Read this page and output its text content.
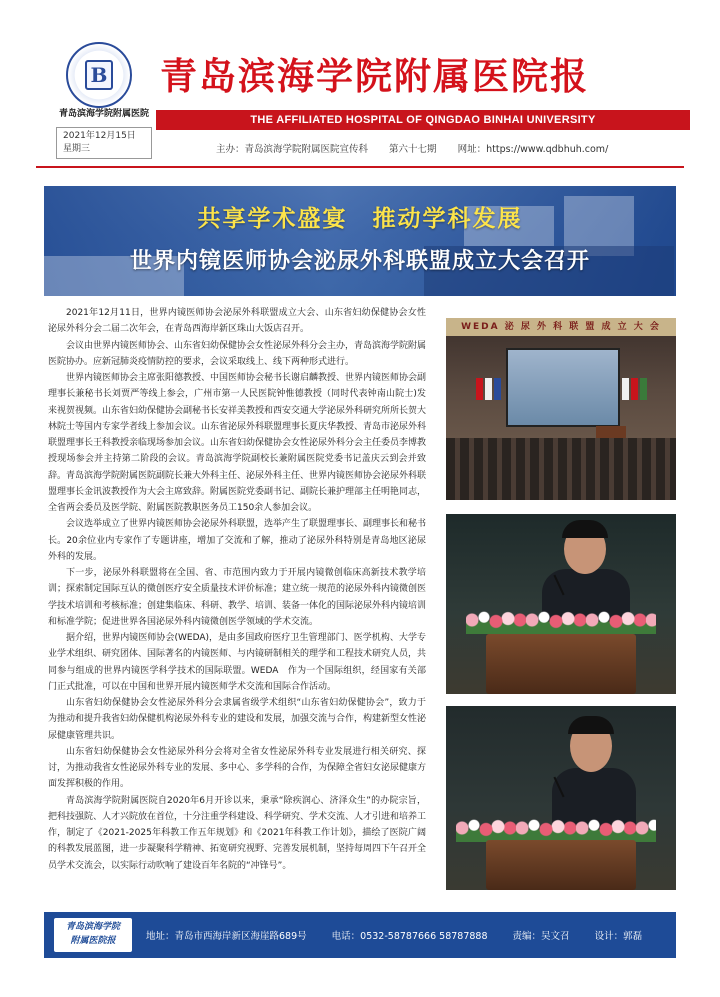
B
青岛滨海学院附属医院
2021年12月15日
星期三
青岛滨海学院附属医院报
THE AFFILIATED HOSPITAL OF QINGDAO BINHAI UNIVERSITY
主办：青岛滨海学院附属医院宣传科 第六十七期 网址：https://www.qdbhuh.com/
共享学术盛宴　推动学科发展
世界内镜医师协会泌尿外科联盟成立大会召开

2021年12月11日，世界内镜医师协会泌尿外科联盟成立大会、山东省妇幼保健协会女性泌尿外科分会二届二次年会，在青岛西海岸新区珠山大饭店召开。

会议由世界内镜医师协会、山东省妇幼保健协会女性泌尿外科分会主办，青岛滨海学院附属医院协办。应新冠肺炎疫情防控的要求，会议采取线上、线下两种形式进行。

世界内镜医师协会主席张阳德教授、中国医师协会秘书长谢启麟教授、世界内镜医师协会副理事长兼秘书长刘贾严等线上参会，广州市第一人民医院钟惟德教授（同时代表钟南山院士)发来视贺视频。山东省妇幼保健协会副秘书长安祥美教授和西安交通大学泌尿外科研究所所长贺大林院士等国内专家学者线上参加会议。山东省泌尿外科联盟理事长夏庆华教授、青岛市泌尿外科联盟理事长王科教授亲临现场参加会议。山东省妇幼保健协会女性泌尿外科分会主任委员李博教授现场参会并主持第二阶段的会议。青岛滨海学院副校长兼附属医院党委书记盖庆云到会并致辞。青岛滨海学院附属医院副院长兼大外科主任、泌尿外科主任、世界内镜医师协会泌尿外科联盟理事长金讯波教授作为大会主席致辞。附属医院党委副书记、副院长兼护理部主任明艳同志，全省两会委员及医学院、附属医院教职医务员工150余人参加会议。

会议选举成立了世界内镜医师协会泌尿外科联盟，选举产生了联盟理事长、副理事长和秘书长。20余位业内专家作了专题讲座，增加了交流和了解，推动了泌尿外科特别是青岛地区泌尿外科的发展。

下一步，泌尿外科联盟将在全国、省、市范围内致力于开展内镜微创临床高新技术教学培训；探索制定国际互认的微创医疗安全质量技术评价标准；建立统一规范的泌尿外科内镜微创医学技术培训和考核标准；创建集临床、科研、教学、培训、装备一体化的国际泌尿外科内镜培训和标准学院；促进世界各国泌尿外科内镜微创医学领域的学术交流。

据介绍，世界内镜医师协会(WEDA)，是由多国政府医疗卫生管理部门、医学机构、大学专业学术组织、研究团体、国际著名的内镜医师、与内镜研制相关的理学和工程技术研究人员，共同参与组成的世界内镜医学科学技术的国际联盟。WEDA　作为一个国际组织，经国家有关部门正式批准，可以在中国和世界开展内镜医师学术交流和国际合作活动。

山东省妇幼保健协会女性泌尿外科分会隶属省级学术组织“山东省妇幼保健协会”，致力于为推动和提升我省妇幼保健机构泌尿外科专业的建设和发展，加强交流与合作，构建新型女性泌尿健康管理共识。

山东省妇幼保健协会女性泌尿外科分会将对全省女性泌尿外科专业发展进行相关研究、探讨，为推动我省女性泌尿外科专业的发展、多中心、多学科的合作，为保障全省妇女泌尿健康方面发挥积极的作用。

青岛滨海学院附属医院自2020年6月开诊以来，秉承“除疾润心、济泽众生”的办院宗旨，把科技强院、人才兴院放在首位，十分注重学科建设、科学研究、学术交流、人才引进和培养工作，制定了《2021-2025年科教工作五年规划》和《2021年科教工作计划》，描绘了医院广阔的科教发展蓝图，进一步凝聚科学精神、拓宽研究视野、完善发展机制，坚持每周四下午召开全员学术交流会，以实际行动吹响了建设百年名院的“冲锋号”。

WEDA 泌 尿 外 科 联 盟 成 立 大 会
青岛滨海学院
附属医院报	地址：青岛市西海岸新区海崖路689号	电话：0532-58787666 58787888	责编：吴文召	设计：郭磊
